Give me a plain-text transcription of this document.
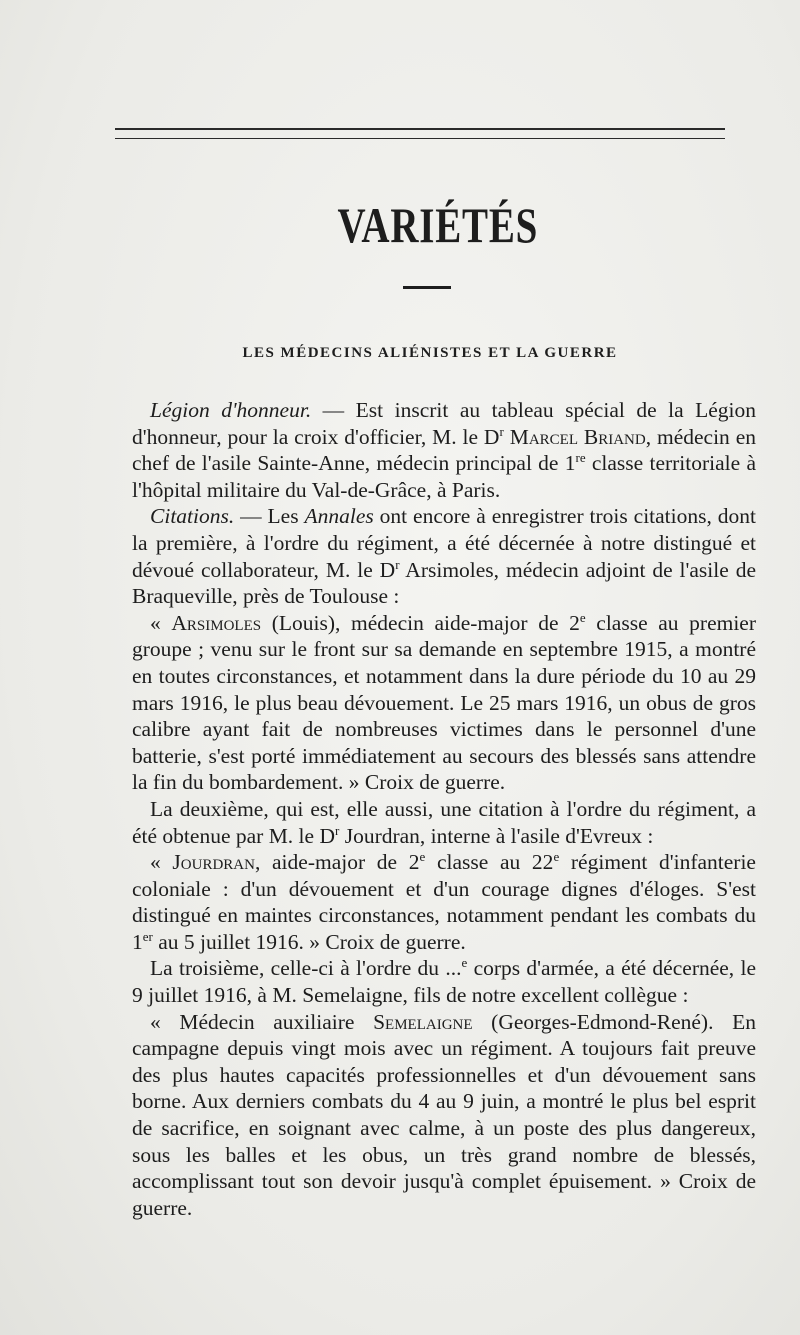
VARIÉTÉS
LES MÉDECINS ALIÉNISTES ET LA GUERRE

Légion d'honneur. — Est inscrit au tableau spécial de la Légion d'honneur, pour la croix d'officier, M. le $D^r$ Marcel Briand, médecin en chef de l'asile Sainte-Anne, médecin principal de 1re classe territoriale à l'hôpital militaire du Val-de-Grâce, à Paris.

Citations. — Les Annales ont encore à enregistrer trois citations, dont la première, à l'ordre du régiment, a été décernée à notre distingué et dévoué collaborateur, M. le $D^r$ Arsimoles, médecin adjoint de l'asile de Braqueville, près de Toulouse :

« Arsimoles (Louis), médecin aide-major de 2e classe au premier groupe ; venu sur le front sur sa demande en septembre 1915, a montré en toutes circonstances, et notamment dans la dure période du 10 au 29 mars 1916, le plus beau dévouement. Le 25 mars 1916, un obus de gros calibre ayant fait de nombreuses victimes dans le personnel d'une batterie, s'est porté immédiatement au secours des blessés sans attendre la fin du bombardement. » Croix de guerre.

La deuxième, qui est, elle aussi, une citation à l'ordre du régiment, a été obtenue par M. le $D^r$ Jourdran, interne à l'asile d'Evreux :

« Jourdran, aide-major de 2e classe au 22e régiment d'infanterie coloniale : d'un dévouement et d'un courage dignes d'éloges. S'est distingué en maintes circonstances, notamment pendant les combats du 1er au 5 juillet 1916. » Croix de guerre.

La troisième, celle-ci à l'ordre du ...$^e$ corps d'armée, a été décernée, le 9 juillet 1916, à M. Semelaigne, fils de notre excellent collègue :

« Médecin auxiliaire Semelaigne (Georges-Edmond-René). En campagne depuis vingt mois avec un régiment. A toujours fait preuve des plus hautes capacités professionnelles et d'un dévouement sans borne. Aux derniers combats du 4 au 9 juin, a montré le plus bel esprit de sacrifice, en soignant avec calme, à un poste des plus dangereux, sous les balles et les obus, un très grand nombre de blessés, accomplissant tout son devoir jusqu'à complet épuisement. » Croix de guerre.
